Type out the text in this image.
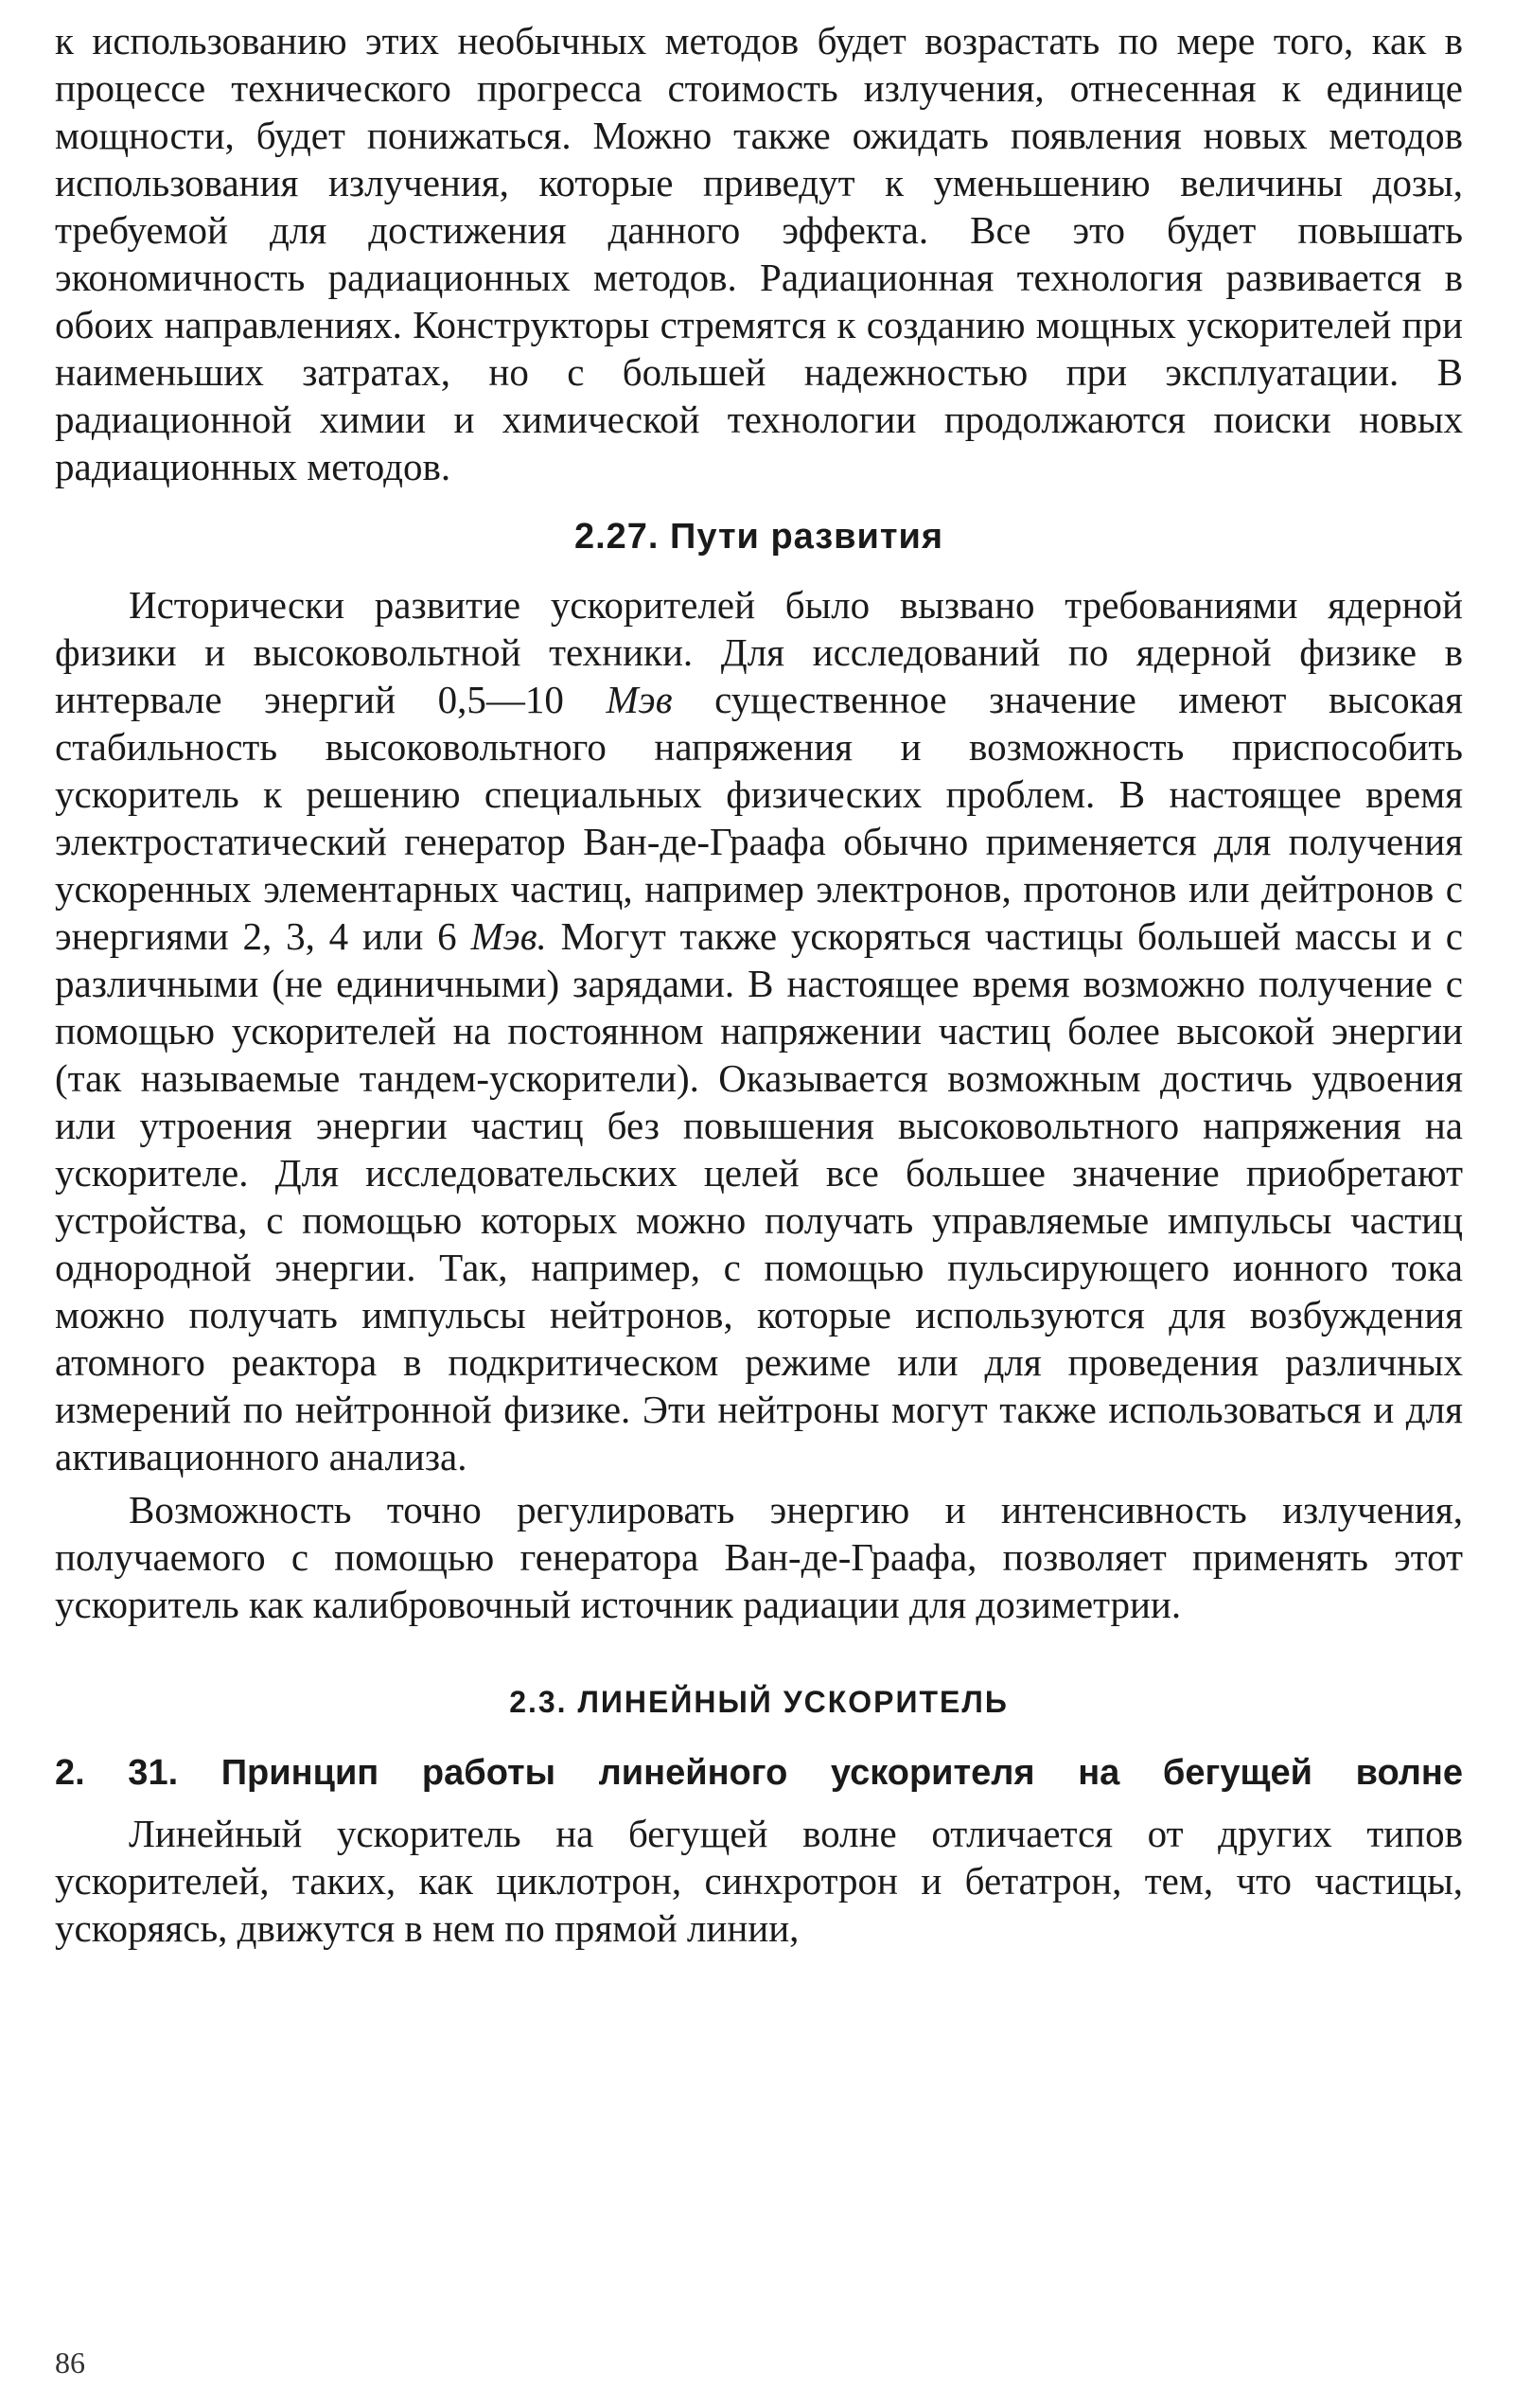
к использованию этих необычных методов будет возрастать по мере того, как в процессе технического прогресса стоимость излучения, отнесенная к единице мощности, будет понижаться. Можно также ожидать появления новых методов использования излучения, которые приведут к уменьшению величины дозы, требуемой для достижения данного эффекта. Все это будет повышать экономичность радиационных методов. Радиационная технология развивается в обоих направлениях. Конструкторы стремятся к созданию мощных ускорителей при наименьших затратах, но с большей надежностью при эксплуатации. В радиационной химии и химической технологии продолжаются поиски новых радиационных методов.

2.27. Пути развития

Исторически развитие ускорителей было вызвано требованиями ядерной физики и высоковольтной техники. Для исследований по ядерной физике в интервале энергий 0,5—10 Мэв существенное значение имеют высокая стабильность высоковольтного напряжения и возможность приспособить ускоритель к решению специальных физических проблем. В настоящее время электростатический генератор Ван-де-Граафа обычно применяется для получения ускоренных элементарных частиц, например электронов, протонов или дейтронов с энергиями 2, 3, 4 или 6 Мэв. Могут также ускоряться частицы большей массы и с различными (не единичными) зарядами. В настоящее время возможно получение с помощью ускорителей на постоянном напряжении частиц более высокой энергии (так называемые тандем-ускорители). Оказывается возможным достичь удвоения или утроения энергии частиц без повышения высоковольтного напряжения на ускорителе. Для исследовательских целей все большее значение приобретают устройства, с помощью которых можно получать управляемые импульсы частиц однородной энергии. Так, например, с помощью пульсирующего ионного тока можно получать импульсы нейтронов, которые используются для возбуждения атомного реактора в подкритическом режиме или для проведения различных измерений по нейтронной физике. Эти нейтроны могут также использоваться и для активационного анализа.

Возможность точно регулировать энергию и интенсивность излучения, получаемого с помощью генератора Ван-де-Граафа, позволяет применять этот ускоритель как калибровочный источник радиации для дозиметрии.

2.3. ЛИНЕЙНЫЙ УСКОРИТЕЛЬ
2. 31. Принцип работы линейного ускорителя на бегущей волне

Линейный ускоритель на бегущей волне отличается от других типов ускорителей, таких, как циклотрон, синхротрон и бетатрон, тем, что частицы, ускоряясь, движутся в нем по прямой линии,

86
